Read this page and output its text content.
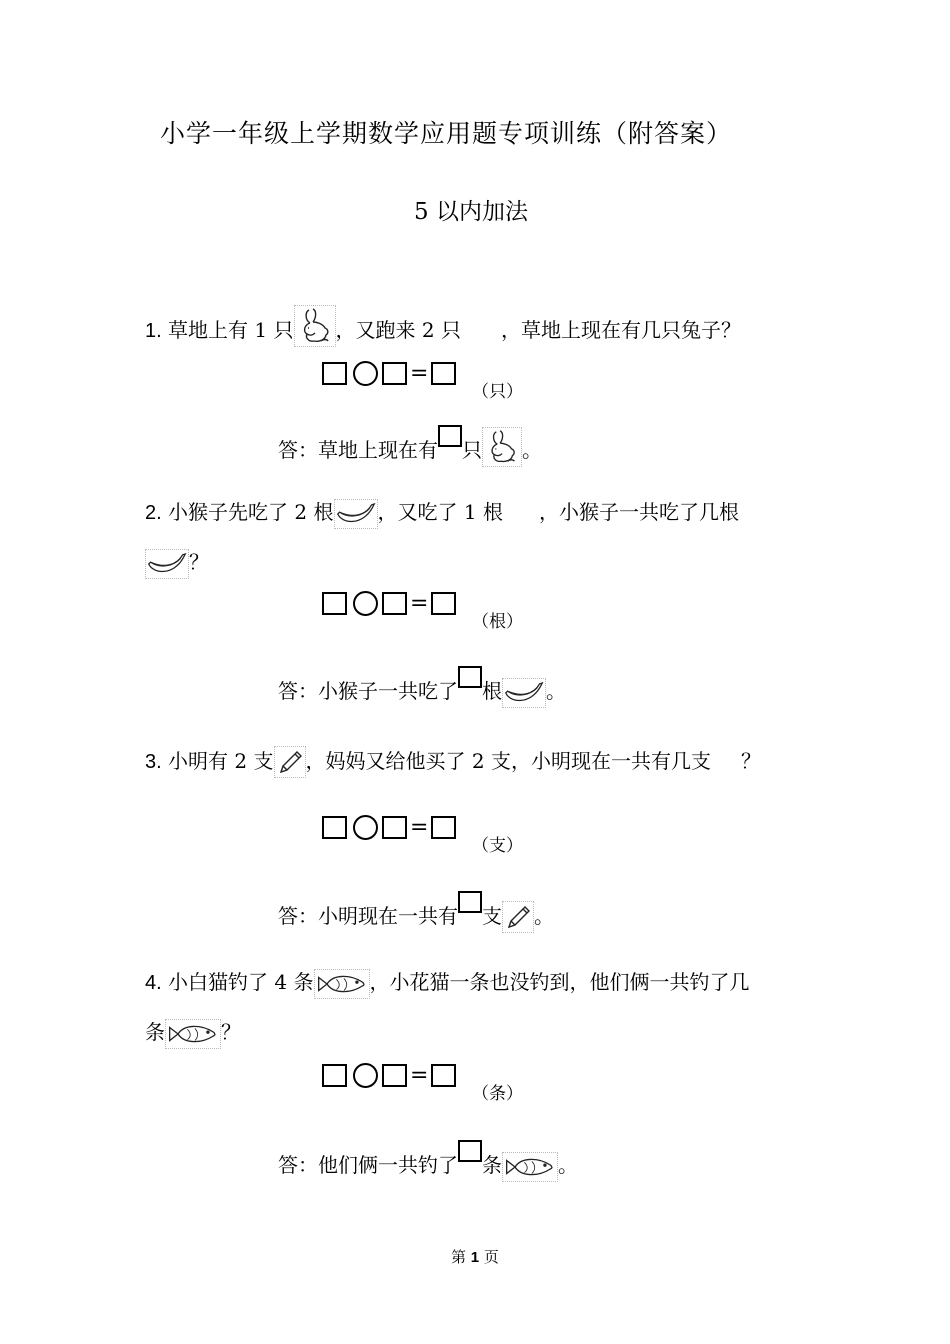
小学一年级上学期数学应用题专项训练（附答案）
5 以内加法
1. 草地上有 1 只 ，又跑来 2 只 ，草地上现在有几只兔子？
=
（只）
答：草地上现在有 只 。
2. 小猴子先吃了 2 根 ，又吃了 1 根 ，小猴子一共吃了几根
？
=
（根）
答：小猴子一共吃了 根 。
3. 小明有 2 支 ，妈妈又给他买了 2 支，小明现在一共有几支 ？
=
（支）
答：小明现在一共有 支 。
4. 小白猫钓了 4 条	，小花猫一条也没钓到，他们俩一共钓了几
条	？
=
（条）
答：他们俩一共钓了 条	。
第 1 页
